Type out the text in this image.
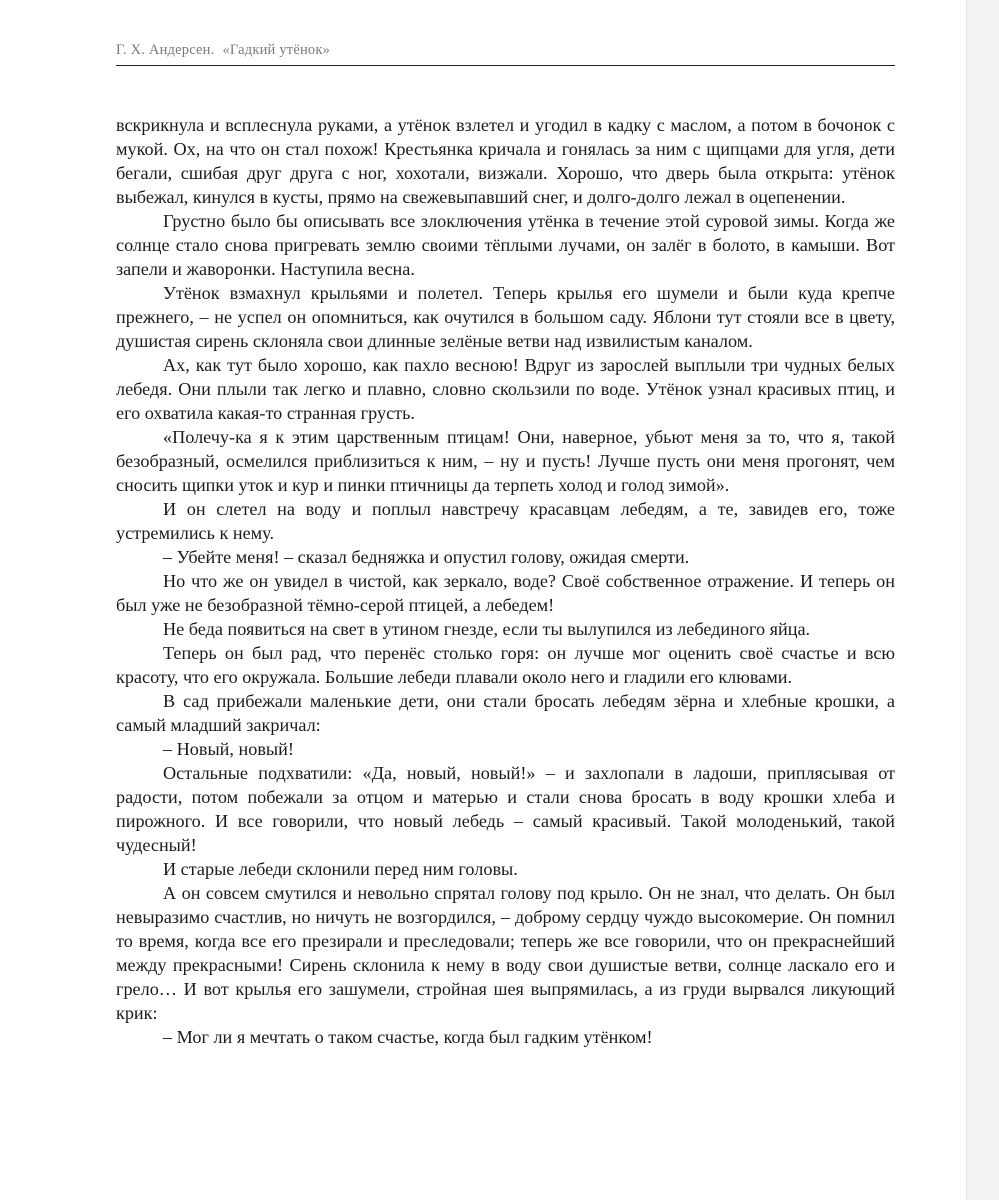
Г. Х. Андерсен. «Гадкий утёнок»

вскрикнула и всплеснула руками, а утёнок взлетел и угодил в кадку с маслом, а потом в бочонок с мукой. Ох, на что он стал похож! Крестьянка кричала и гонялась за ним с щипцами для угля, дети бегали, сшибая друг друга с ног, хохотали, визжали. Хорошо, что дверь была открыта: утёнок выбежал, кинулся в кусты, прямо на свежевыпавший снег, и долго-долго лежал в оцепенении.

Грустно было бы описывать все злоключения утёнка в течение этой суровой зимы. Когда же солнце стало снова пригревать землю своими тёплыми лучами, он залёг в болото, в камыши. Вот запели и жаворонки. Наступила весна.

Утёнок взмахнул крыльями и полетел. Теперь крылья его шумели и были куда крепче прежнего, – не успел он опомниться, как очутился в большом саду. Яблони тут стояли все в цвету, душистая сирень склоняла свои длинные зелёные ветви над извилистым каналом.

Ах, как тут было хорошо, как пахло весною! Вдруг из зарослей выплыли три чудных белых лебедя. Они плыли так легко и плавно, словно скользили по воде. Утёнок узнал красивых птиц, и его охватила какая-то странная грусть.

«Полечу-ка я к этим царственным птицам! Они, наверное, убьют меня за то, что я, такой безобразный, осмелился приблизиться к ним, – ну и пусть! Лучше пусть они меня прогонят, чем сносить щипки уток и кур и пинки птичницы да терпеть холод и голод зимой».

И он слетел на воду и поплыл навстречу красавцам лебедям, а те, завидев его, тоже устремились к нему.

– Убейте меня! – сказал бедняжка и опустил голову, ожидая смерти.

Но что же он увидел в чистой, как зеркало, воде? Своё собственное отражение. И теперь он был уже не безобразной тёмно-серой птицей, а лебедем!

Не беда появиться на свет в утином гнезде, если ты вылупился из лебединого яйца.

Теперь он был рад, что перенёс столько горя: он лучше мог оценить своё счастье и всю красоту, что его окружала. Большие лебеди плавали около него и гладили его клювами.

В сад прибежали маленькие дети, они стали бросать лебедям зёрна и хлебные крошки, а самый младший закричал:

– Новый, новый!

Остальные подхватили: «Да, новый, новый!» – и захлопали в ладоши, приплясывая от радости, потом побежали за отцом и матерью и стали снова бросать в воду крошки хлеба и пирожного. И все говорили, что новый лебедь – самый красивый. Такой молоденький, такой чудесный!

И старые лебеди склонили перед ним головы.

А он совсем смутился и невольно спрятал голову под крыло. Он не знал, что делать. Он был невыразимо счастлив, но ничуть не возгордился, – доброму сердцу чуждо высокомерие. Он помнил то время, когда все его презирали и преследовали; теперь же все говорили, что он прекраснейший между прекрасными! Сирень склонила к нему в воду свои душистые ветви, солнце ласкало его и грело… И вот крылья его зашумели, стройная шея выпрямилась, а из груди вырвался ликующий крик:

– Мог ли я мечтать о таком счастье, когда был гадким утёнком!
